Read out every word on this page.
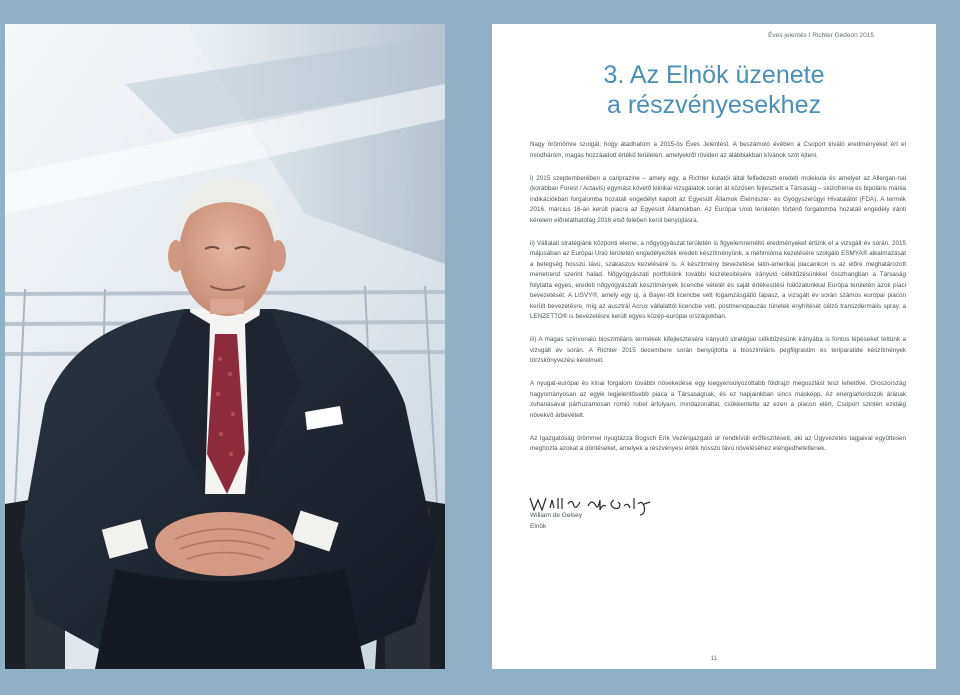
Éves jelentés I Richter Gedeon 2015
3. Az Elnök üzenete
a részvényesekhez

Nagy örömömre szolgál, hogy átadhatom a 2015-ös Éves Jelentést. A beszámoló évében a Csoport kiváló eredményeket ért el mindhárom, magas hozzáadott értékű területen, amelyekről röviden az alábbiakban kívánok szót ejteni.

i) 2015 szeptemberében a cariprazine – amely egy, a Richter kutatói által felfedezett eredeti molekula és amelyet az Allergan-nal (korábban Forest / Actavis) egymást követő klinikai vizsgálatok során át közösen fejlesztett a Társaság – skizofrénia és bipoláris mánia indikációkban forgalomba hozatali engedélyt kapott az Egyesült Államok Élelmiszer- és Gyógyszerügyi Hivatalától (FDA). A termék 2016. március 16-án került piacra az Egyesült Államokban. Az Európai Unió területén történő forgalomba hozatali engedély iránti kérelem előreláthatólag 2016 első felében kerül benyújtásra.

ii) Vállalati stratégiánk központi eleme, a nőgyógyászat területén is figyelemreméltó eredményeket értünk el a vizsgált év során. 2015 májusában az Európai Unió területén engedélyezték eredeti készítményünk, a méhmióma kezelésére szolgáló ESMYA® alkalmazását a betegség hosszú távú, szakaszos kezelésére is. A készítmény bevezetése latin-amerikai piacainkon is az előre meghatározott menetrend szerint halad. Nőgyógyászati portfoliónk további kiszélesítésére irányuló célkitűzésünkkel összhangban a Társaság folytatta egyes, eredeti nőgyógyászati készítmények licencbe vételét és saját értékesítési hálózatunkkal Európa területén azok piaci bevezetését. A LISVY®, amely egy új, a Bayer-től licencbe vett fogamzásgátló tapasz, a vizsgált év során számos európai piacon került bevezetésre, míg az ausztrál Acrux vállalattól licencbe vett, postmenopauzás tünetek enyhítését célzó transzdermális spray, a LENZETTO® is bevezetésre került egyes közép-európai országokban.

iii) A magas színvonalú bioszimiláris termékek kifejlesztésére irányuló stratégiai célkitűzésünk irányába is fontos lépéseket tettünk a vizsgált év során. A Richter 2015 decembere során benyújtotta a bioszimiláris pegfilgrastim és teriparatide készítmények törzskönyvezési kérelmeit.

A nyugat-európai és kínai forgalom további növekedése egy kiegyensúlyozottabb földrajzi megoszlást tesz lehetővé. Oroszország hagyományosan az egyik legjelentősebb piaca a Társaságnak, és ez napjainkban sincs másképp. Az energiahordozók árának zuhanásával párhuzamosan romló rubel árfolyam, mindazonáltal, csökkentette az ezen a piacon elért, Csoport szintén ezidáig növekvő árbevételt.

Az Igazgatóság örömmel nyugtázza Bogsch Erik Vezérigazgató úr rendkívüli erőfeszítéseit, aki az Ügyvezetés tagjaival együttesen meghozta azokat a döntéseket, amelyek a részvényesi érték hosszú távú növeléséhez elengedhetetlenek.

William de Gelsey
Elnök
11
